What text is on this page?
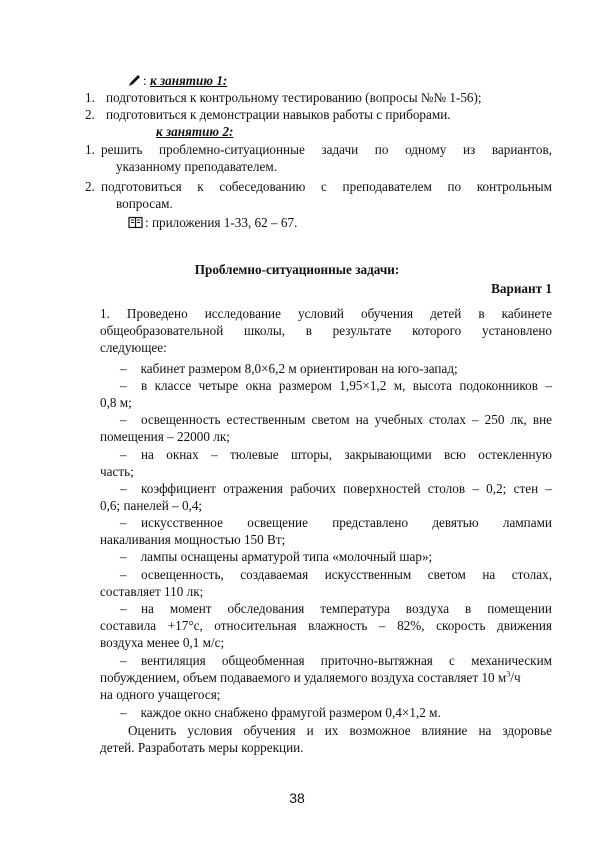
: к занятию 1:
1. подготовиться к контрольному тестированию (вопросы №№ 1-56);
2. подготовиться к демонстрации навыков работы с приборами.
к занятию 2:
1. решить проблемно-ситуационные задачи по одному из вариантов,
указанному преподавателем.
2. подготовиться к собеседованию с преподавателем по контрольным
вопросам.
: приложения 1-33, 62 – 67.
Проблемно-ситуационные задачи:
Вариант 1
1. Проведено исследование условий обучения детей в кабинете
общеобразовательной школы, в результате которого установлено
следующее:
– кабинет размером 8,0×6,2 м ориентирован на юго-запад;
– в классе четыре окна размером 1,95×1,2 м, высота подоконников –
0,8 м;
– освещенность естественным светом на учебных столах – 250 лк, вне
помещения – 22000 лк;
– на окнах – тюлевые шторы, закрывающими всю остекленную
часть;
– коэффициент отражения рабочих поверхностей столов – 0,2; стен –
0,6; панелей – 0,4;
– искусственное освещение представлено девятью лампами
накаливания мощностью 150 Вт;
– лампы оснащены арматурой типа «молочный шар»;
– освещенность, создаваемая искусственным светом на столах,
составляет 110 лк;
– на момент обследования температура воздуха в помещении
составила +17°с, относительная влажность – 82%, скорость движения
воздуха менее 0,1 м/с;
– вентиляция общеобменная приточно-вытяжная с механическим
побуждением, объем подаваемого и удаляемого воздуха составляет 10 $м^3/ч$
на одного учащегося;
– каждое окно снабжено фрамугой размером 0,4×1,2 м.
Оценить условия обучения и их возможное влияние на здоровье
детей. Разработать меры коррекции.
38
